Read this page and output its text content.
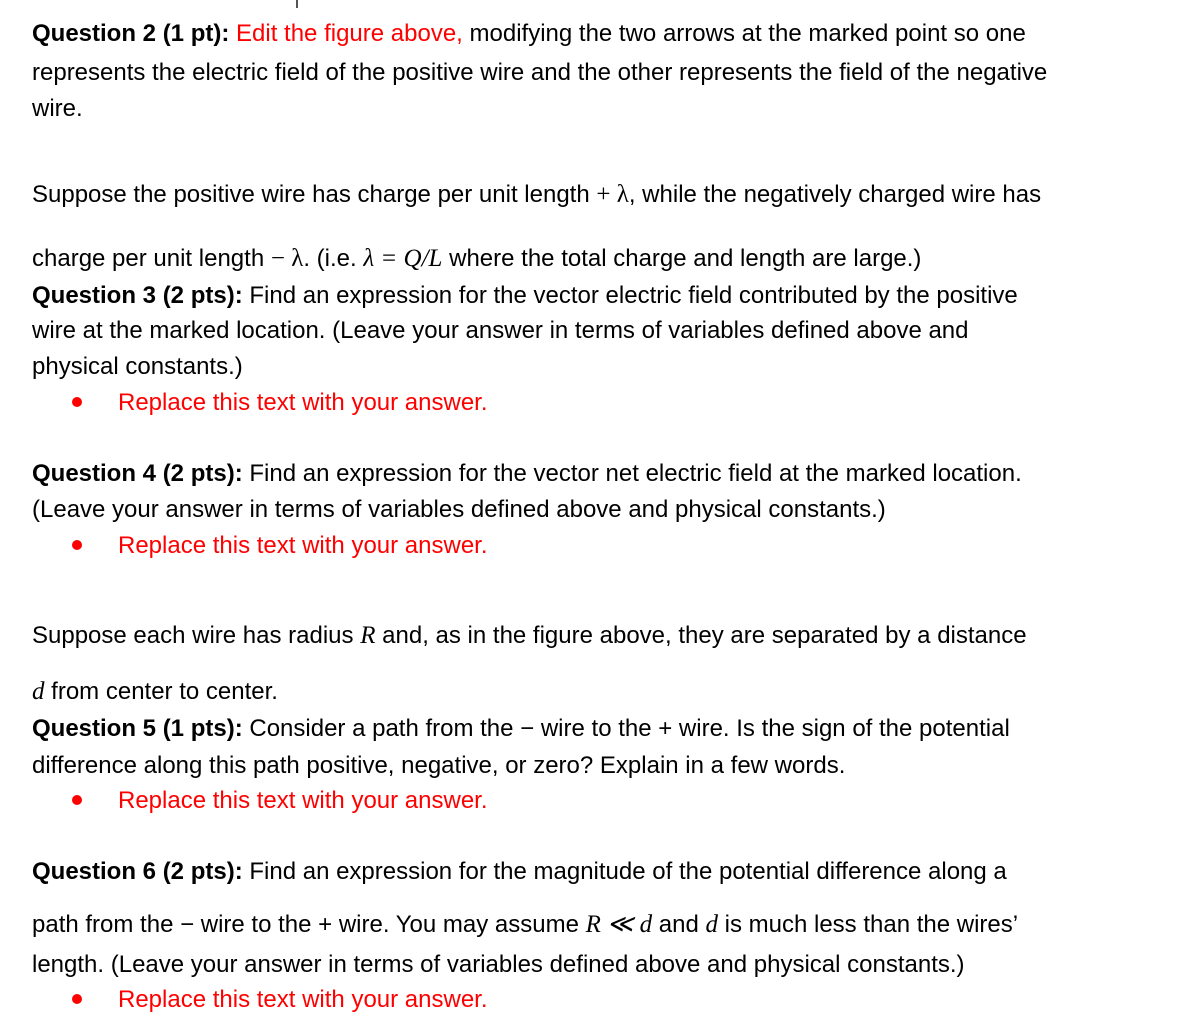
Question 2 (1 pt): Edit the figure above, modifying the two arrows at the marked point so one
represents the electric field of the positive wire and the other represents the field of the negative
wire.
Suppose the positive wire has charge per unit length + λ, while the negatively charged wire has
charge per unit length − λ. (i.e. λ = Q/L where the total charge and length are large.)
Question 3 (2 pts): Find an expression for the vector electric field contributed by the positive
wire at the marked location. (Leave your answer in terms of variables defined above and
physical constants.)
Replace this text with your answer.
Question 4 (2 pts): Find an expression for the vector net electric field at the marked location.
(Leave your answer in terms of variables defined above and physical constants.)
Replace this text with your answer.
Suppose each wire has radius R and, as in the figure above, they are separated by a distance
d from center to center.
Question 5 (1 pts): Consider a path from the − wire to the + wire. Is the sign of the potential
difference along this path positive, negative, or zero? Explain in a few words.
Replace this text with your answer.
Question 6 (2 pts): Find an expression for the magnitude of the potential difference along a
path from the − wire to the + wire. You may assume R ≪ d and d is much less than the wires’
length. (Leave your answer in terms of variables defined above and physical constants.)
Replace this text with your answer.
